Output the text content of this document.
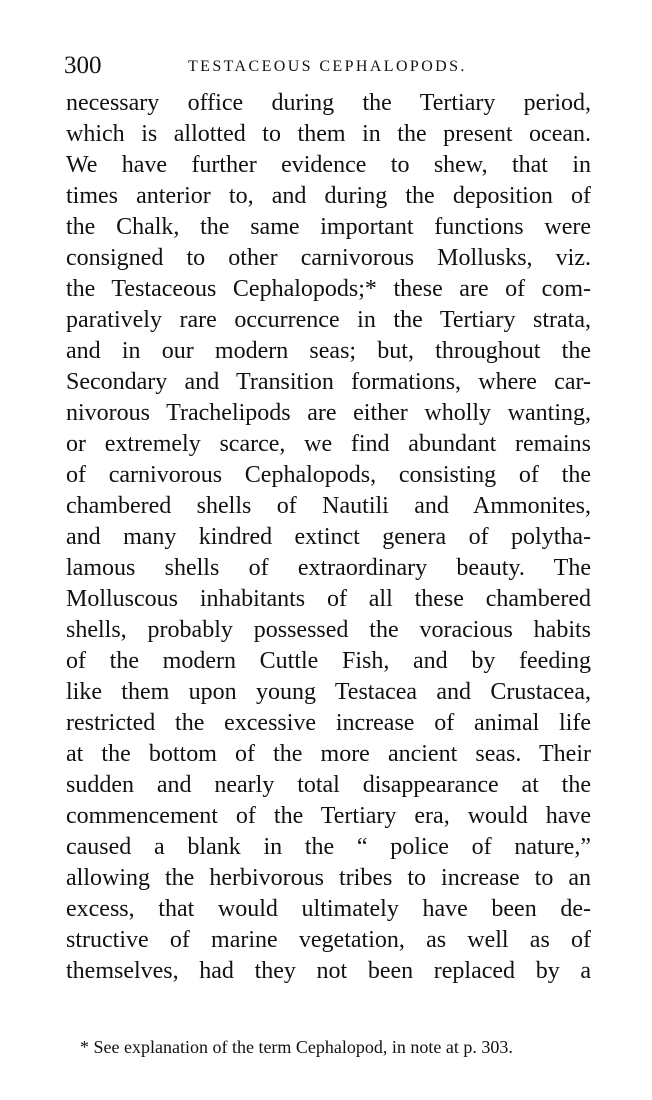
300	TESTACEOUS CEPHALOPODS.
necessary office during the Tertiary period,
which is allotted to them in the present ocean.
We have further evidence to shew, that in
times anterior to, and during the deposition of
the Chalk, the same important functions were
consigned to other carnivorous Mollusks, viz.
the Testaceous Cephalopods;* these are of com-
paratively rare occurrence in the Tertiary strata,
and in our modern seas; but, throughout the
Secondary and Transition formations, where car-
nivorous Trachelipods are either wholly wanting,
or extremely scarce, we find abundant remains
of carnivorous Cephalopods, consisting of the
chambered shells of Nautili and Ammonites,
and many kindred extinct genera of polytha-
lamous shells of extraordinary beauty. The
Molluscous inhabitants of all these chambered
shells, probably possessed the voracious habits
of the modern Cuttle Fish, and by feeding
like them upon young Testacea and Crustacea,
restricted the excessive increase of animal life
at the bottom of the more ancient seas. Their
sudden and nearly total disappearance at the
commencement of the Tertiary era, would have
caused a blank in the “ police of nature,”
allowing the herbivorous tribes to increase to an
excess, that would ultimately have been de-
structive of marine vegetation, as well as of
themselves, had they not been replaced by a
* See explanation of the term Cephalopod, in note at p. 303.
